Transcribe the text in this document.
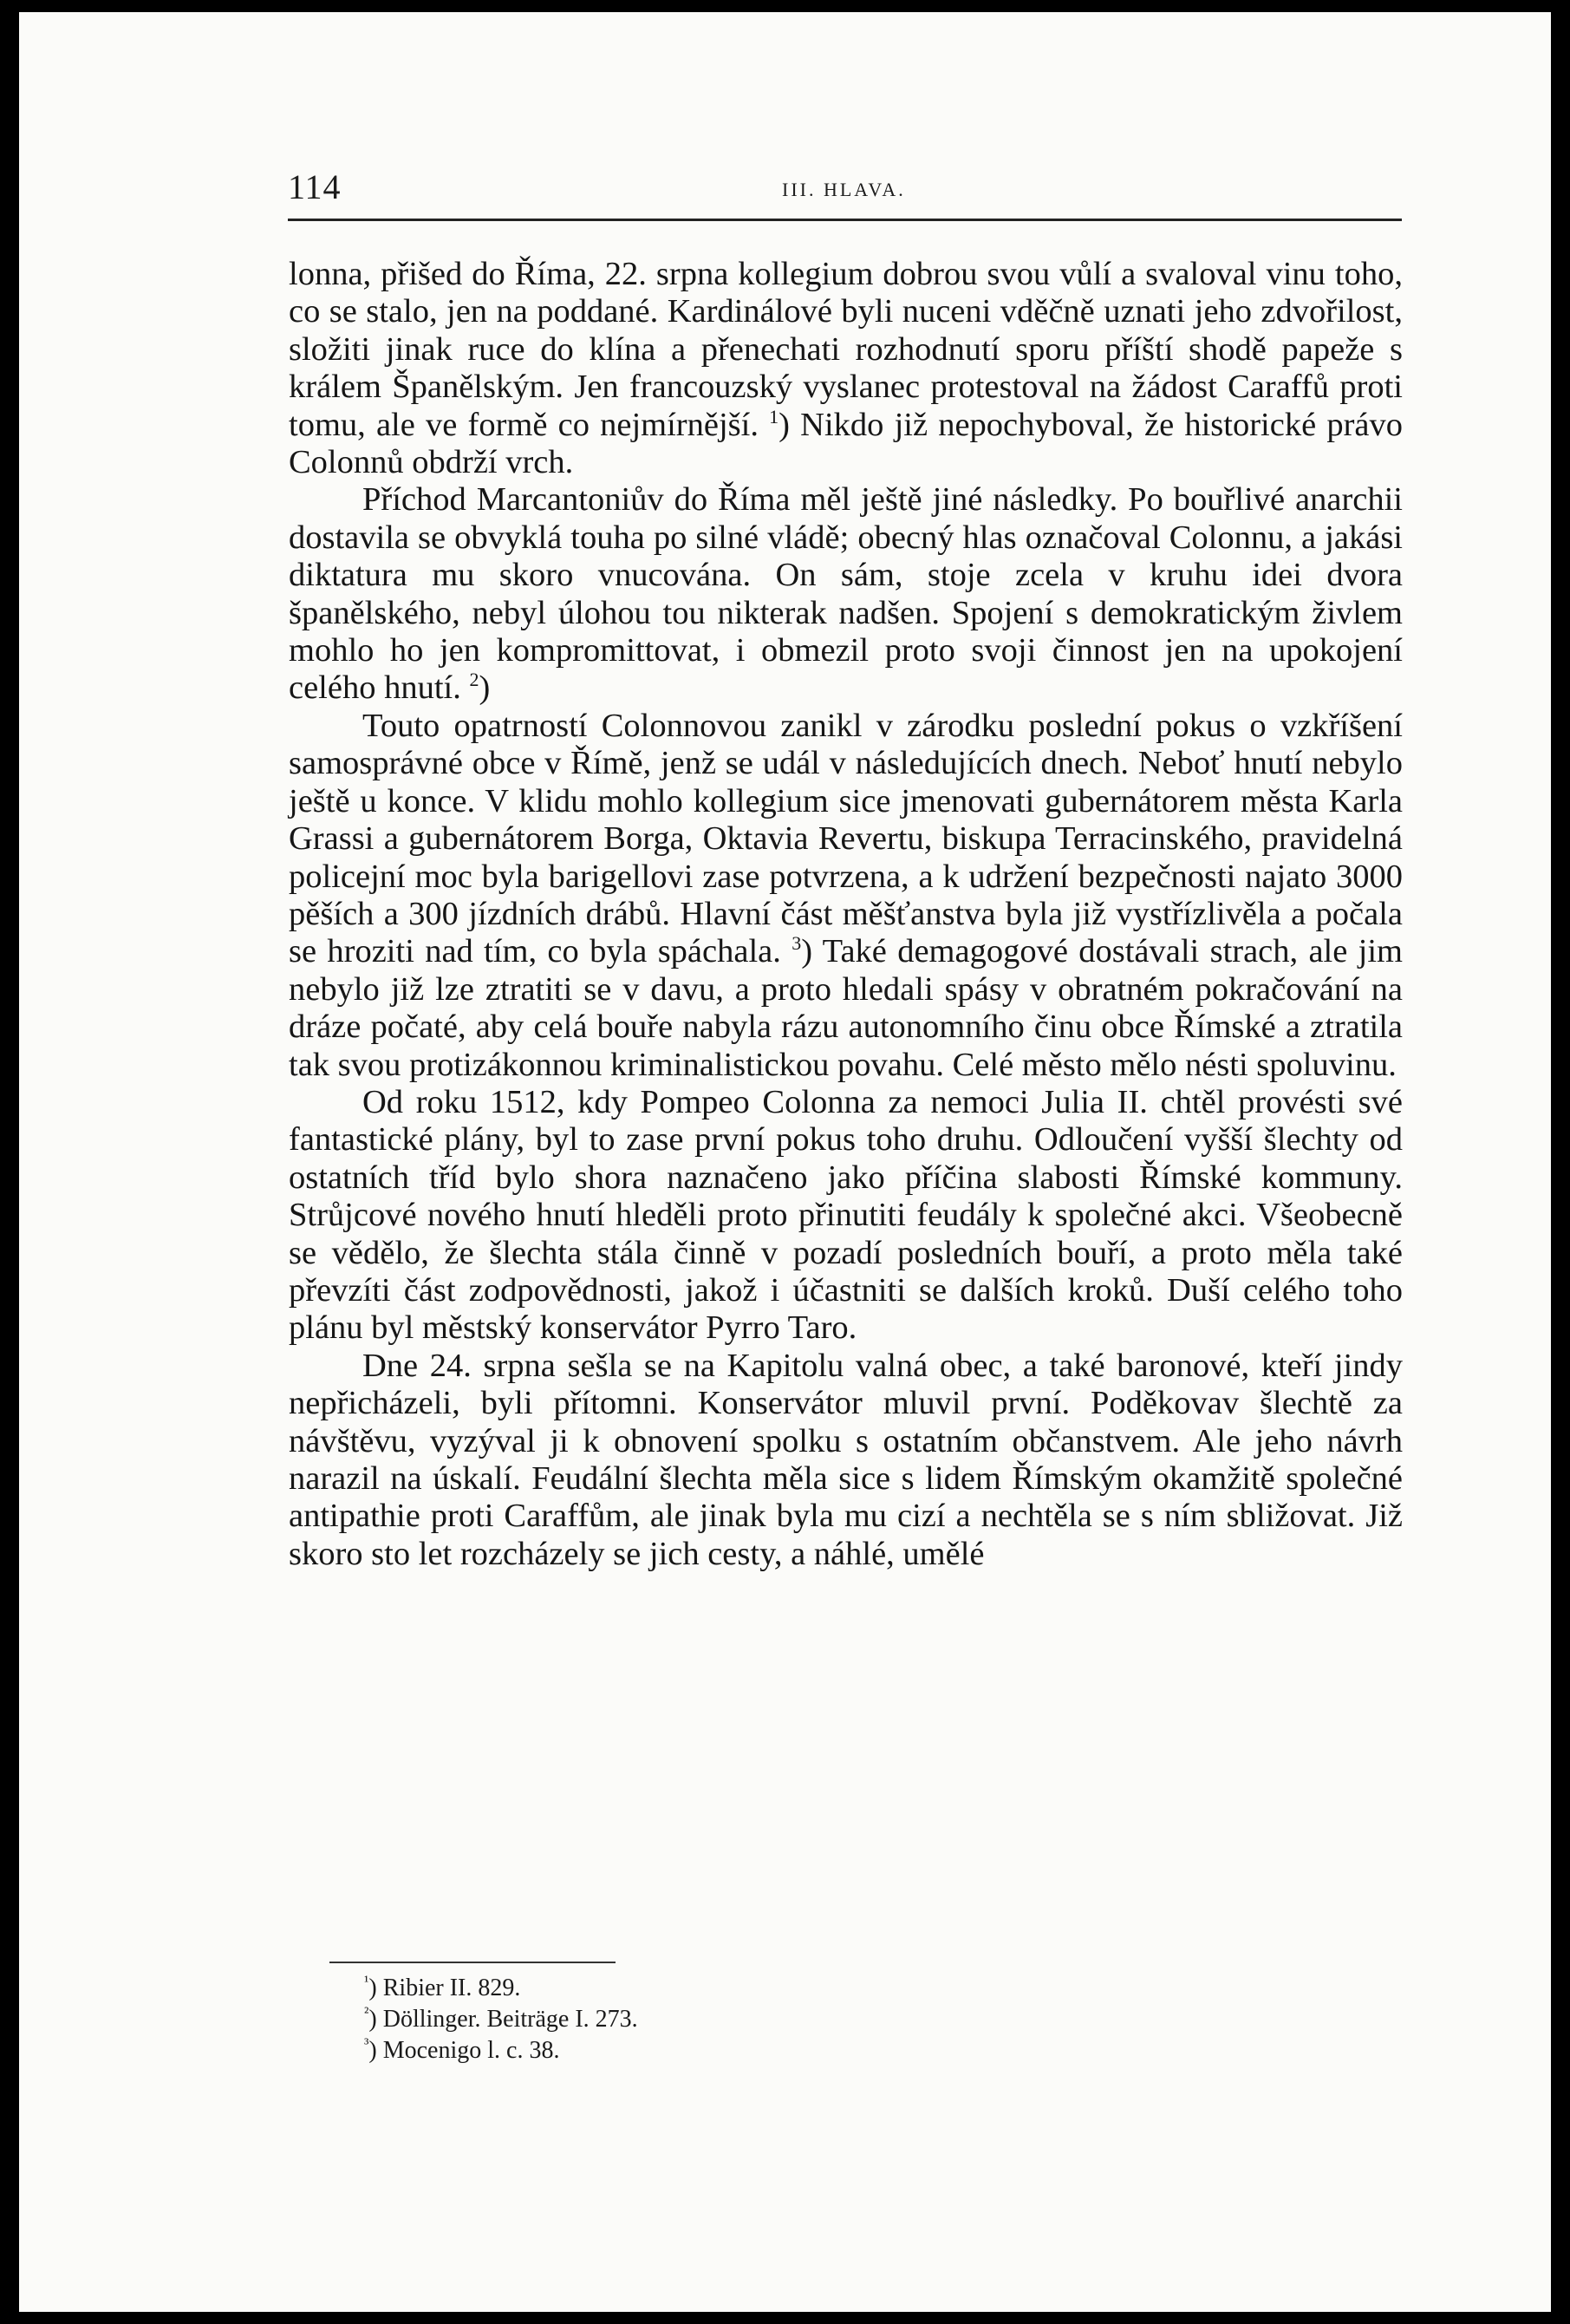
114	III. HLAVA.

lonna, přišed do Říma, 22. srpna kollegium dobrou svou vůlí a svaloval vinu toho, co se stalo, jen na poddané. Kardinálové byli nuceni vděčně uznati jeho zdvořilost, složiti jinak ruce do klína a přenechati rozhodnutí sporu příští shodě papeže s králem Španělským. Jen francouzský vyslanec protestoval na žádost Caraffů proti tomu, ale ve formě co nejmírnější. $^1$) Nikdo již nepochyboval, že historické právo Colonnů obdrží vrch.

Příchod Marcantoniův do Říma měl ještě jiné následky. Po bouřlivé anarchii dostavila se obvyklá touha po silné vládě; obecný hlas označoval Colonnu, a jakási diktatura mu skoro vnucována. On sám, stoje zcela v kruhu idei dvora španělského, nebyl úlohou tou nikterak nadšen. Spojení s demokratickým živlem mohlo ho jen kompromittovat, i obmezil proto svoji činnost jen na upokojení celého hnutí. $^2$)

Touto opatrností Colonnovou zanikl v zárodku poslední pokus o vzkříšení samosprávné obce v Římě, jenž se udál v následujících dnech. Neboť hnutí nebylo ještě u konce. V klidu mohlo kollegium sice jmenovati gubernátorem města Karla Grassi a gubernátorem Borga, Oktavia Revertu, biskupa Terracinského, pravidelná policejní moc byla barigellovi zase potvrzena, a k udržení bezpečnosti najato 3000 pěších a 300 jízdních drábů. Hlavní část měšťanstva byla již vystřízlivěla a počala se hroziti nad tím, co byla spáchala. $^3$) Také demagogové dostávali strach, ale jim nebylo již lze ztratiti se v davu, a proto hledali spásy v obratném pokračování na dráze počaté, aby celá bouře nabyla rázu autonomního činu obce Římské a ztratila tak svou protizákonnou kriminalistickou povahu. Celé město mělo nésti spoluvinu.

Od roku 1512, kdy Pompeo Colonna za nemoci Julia II. chtěl provésti své fantastické plány, byl to zase první pokus toho druhu. Odloučení vyšší šlechty od ostatních tříd bylo shora naznačeno jako příčina slabosti Římské kommuny. Strůjcové nového hnutí hleděli proto přinutiti feudály k společné akci. Všeobecně se vědělo, že šlechta stála činně v pozadí posledních bouří, a proto měla také převzíti část zodpovědnosti, jakož i účastniti se dalších kroků. Duší celého toho plánu byl městský konservátor Pyrro Taro.

Dne 24. srpna sešla se na Kapitolu valná obec, a také baronové, kteří jindy nepřicházeli, byli přítomni. Konservátor mluvil první. Poděkovav šlechtě za návštěvu, vyzýval ji k obnovení spolku s ostatním občanstvem. Ale jeho návrh narazil na úskalí. Feudální šlechta měla sice s lidem Římským okamžitě společné antipathie proti Caraffům, ale jinak byla mu cizí a nechtěla se s ním sbližovat. Již skoro sto let rozcházely se jich cesty, a náhlé, umělé

$^{^1}$) Ribier II. 829.
$^{^2}$) Döllinger. Beiträge I. 273.
$^{^3}$) Mocenigo l. c. 38.
